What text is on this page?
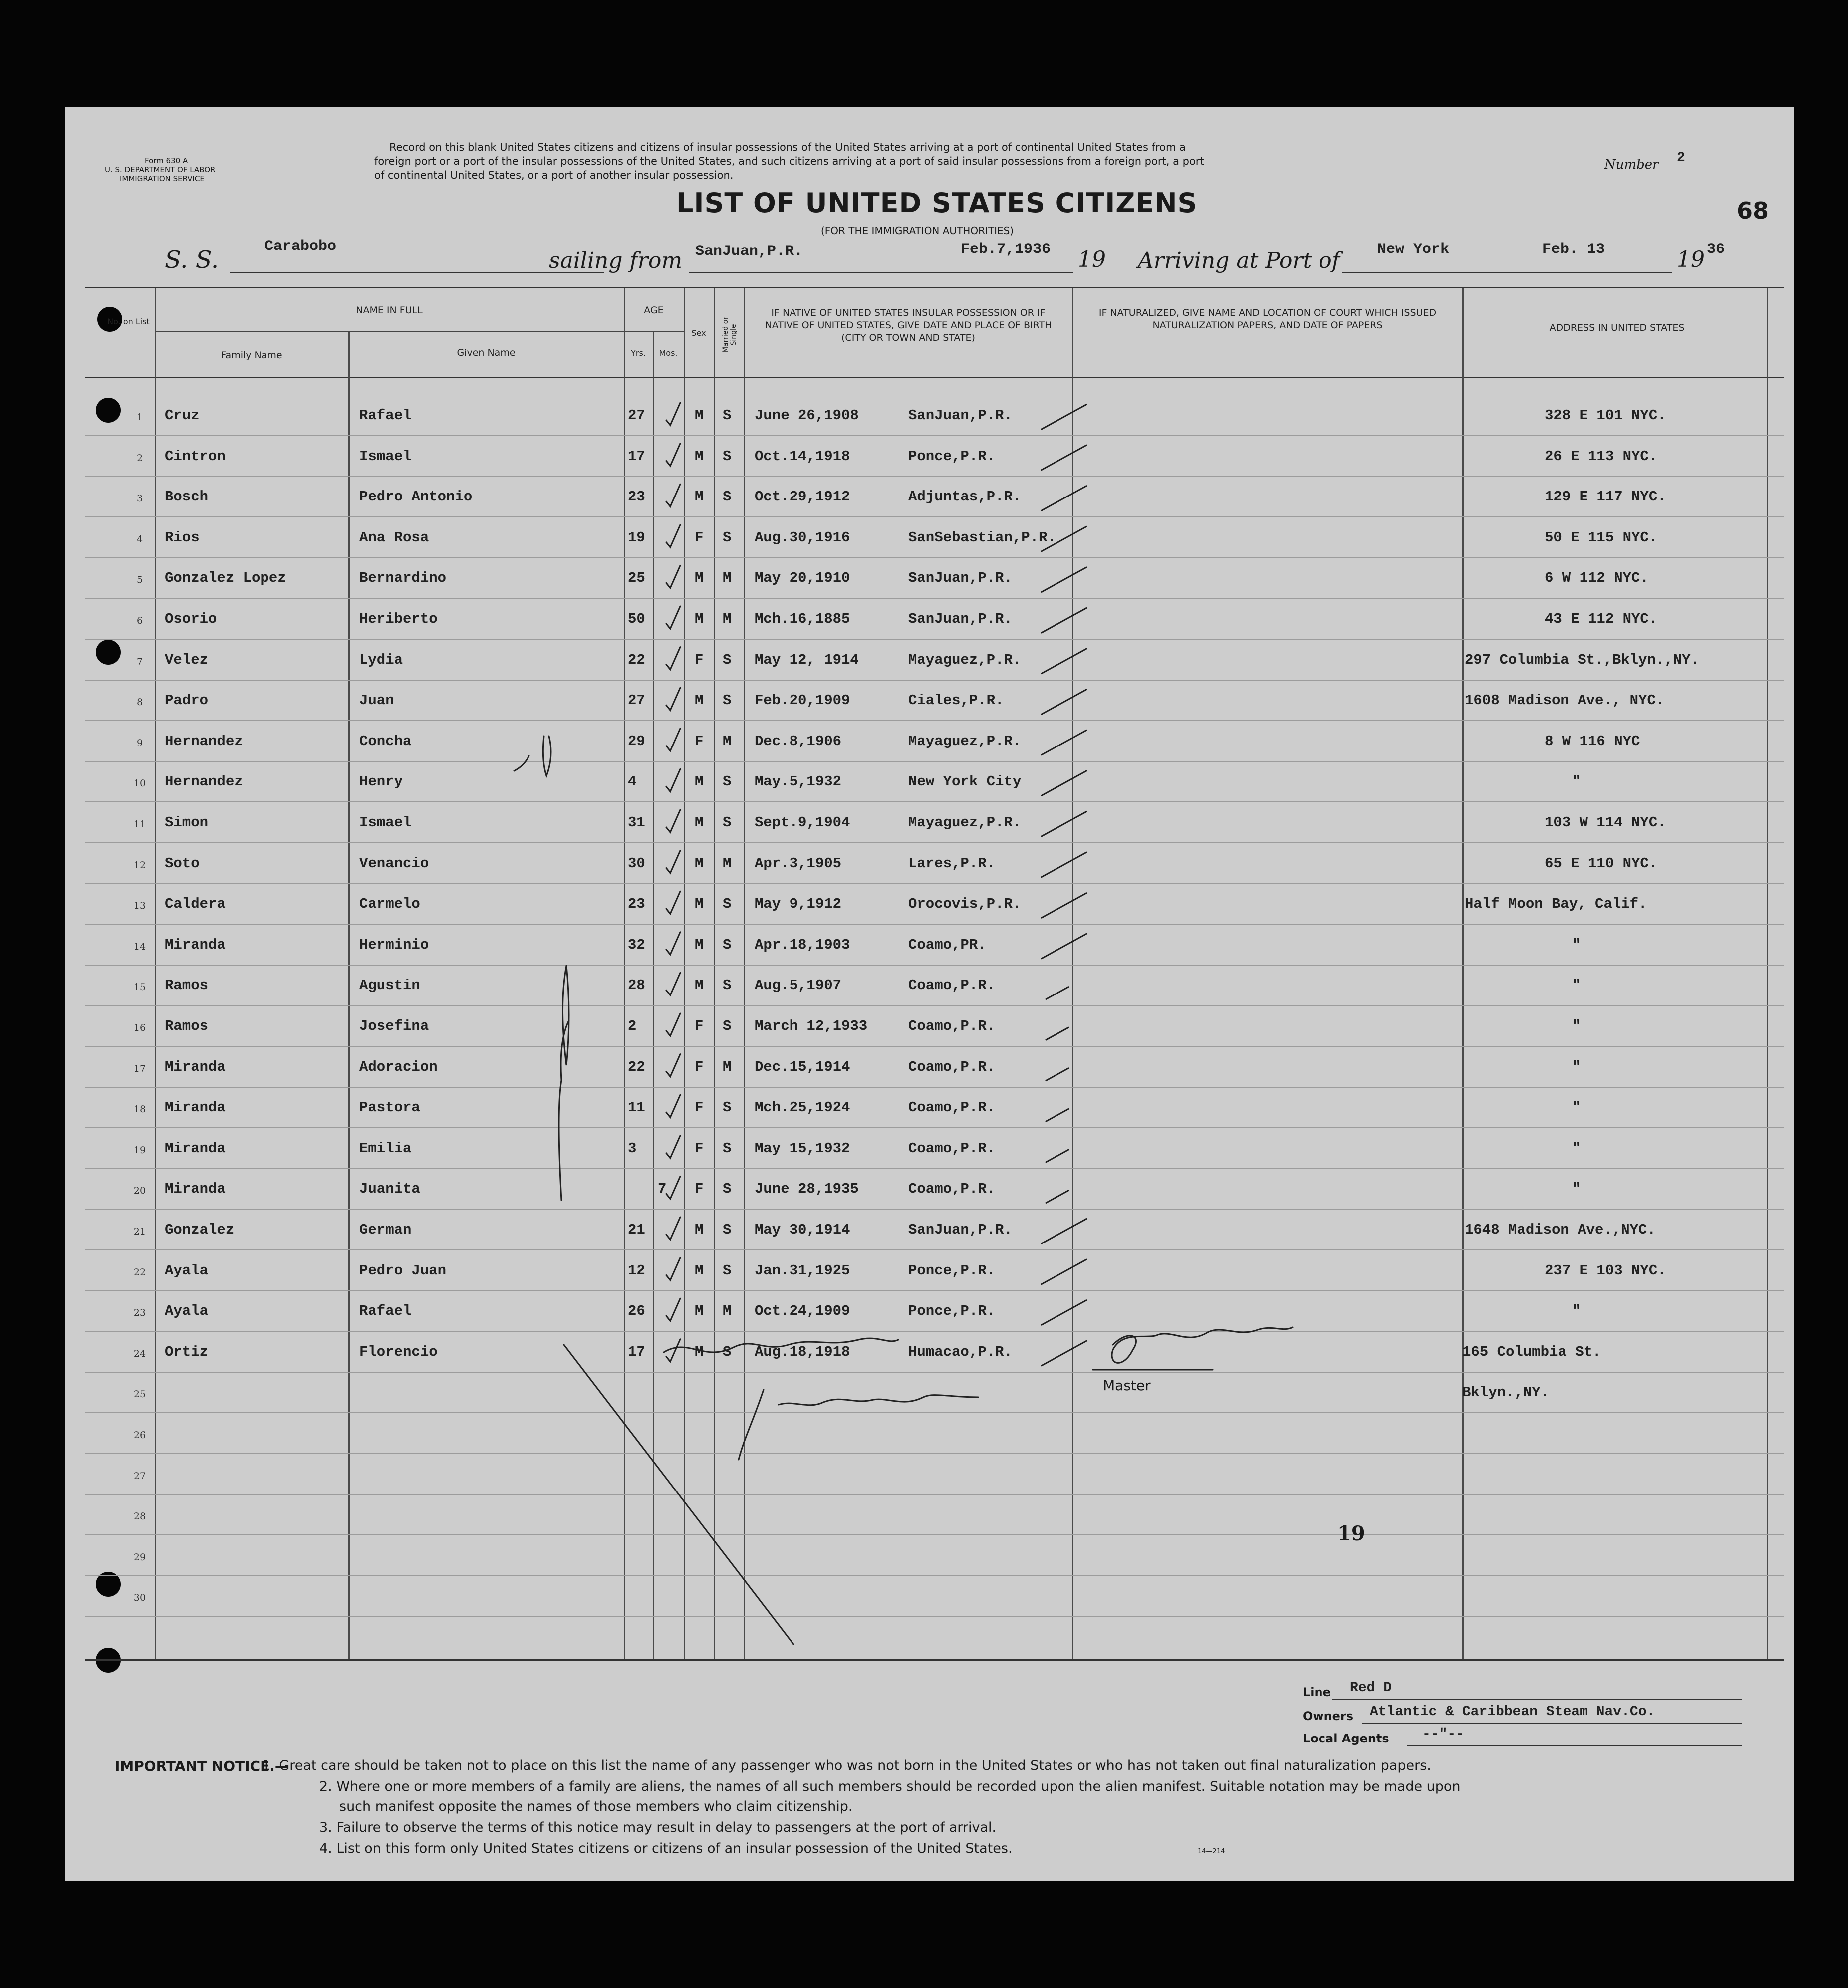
Form 630 A
U. S. DEPARTMENT OF LABOR
IMMIGRATION SERVICE
Record on this blank United States citizens and citizens of insular possessions of the United States arriving at a port of continental United States from a
foreign port or a port of the insular possessions of the United States, and such citizens arriving at a port of said insular possessions from a foreign port, a port
of continental United States, or a port of another insular possession.
Number 2
68
LIST OF UNITED STATES CITIZENS
(FOR THE IMMIGRATION AUTHORITIES)
S. S.	Carabobo
sailing from SanJuan,P.R.	Feb.7,1936 19 Arriving at Port of New York	Feb. 13	19 36
No. on List
NAME IN FULL
Family Name	Given Name
AGE
Yrs.	Mos.
Sex	Married or Single
IF NATIVE OF UNITED STATES INSULAR POSSESSION OR IF NATIVE OF UNITED STATES, GIVE DATE AND PLACE OF BIRTH (CITY OR TOWN AND STATE)
IF NATURALIZED, GIVE NAME AND LOCATION OF COURT WHICH ISSUED NATURALIZATION PAPERS, AND DATE OF PAPERS	ADDRESS IN UNITED STATES
1	Cruz	Rafael	27	M S June 26,1908	SanJuan,P.R.	328 E 101 NYC.
2	Cintron	Ismael	17	M S Oct.14,1918	Ponce,P.R.	26 E 113 NYC.
3	Bosch	Pedro Antonio	23	M S Oct.29,1912	Adjuntas,P.R.	129 E 117 NYC.
4	Rios	Ana Rosa	19	F S Aug.30,1916	SanSebastian,P.R.	50 E 115 NYC.
5	Gonzalez Lopez	Bernardino	25	M M May 20,1910	SanJuan,P.R.	6 W 112 NYC.
6	Osorio	Heriberto	50	M M Mch.16,1885	SanJuan,P.R.	43 E 112 NYC.
7	Velez	Lydia	22	F S May 12, 1914	Mayaguez,P.R.	297 Columbia St.,Bklyn.,NY.
8	Padro	Juan	27	M S Feb.20,1909	Ciales,P.R.	1608 Madison Ave., NYC.
9	Hernandez	Concha	29	F M Dec.8,1906	Mayaguez,P.R.	8 W 116 NYC
10	Hernandez	Henry	4	M S May.5,1932	New York City	"
11	Simon	Ismael	31	M S Sept.9,1904	Mayaguez,P.R.	103 W 114 NYC.
12	Soto	Venancio	30	M M Apr.3,1905	Lares,P.R.	65 E 110 NYC.
13	Caldera	Carmelo	23	M S May 9,1912	Orocovis,P.R.	Half Moon Bay, Calif.
14	Miranda	Herminio	32	M S Apr.18,1903	Coamo,PR.	"
15	Ramos	Agustin	28	M S Aug.5,1907	Coamo,P.R.	"
16	Ramos	Josefina	2	F S March 12,1933	Coamo,P.R.	"
17	Miranda	Adoracion	22	F M Dec.15,1914	Coamo,P.R.	"
18	Miranda	Pastora	11	F S Mch.25,1924	Coamo,P.R.	"
19	Miranda	Emilia	3	F S May 15,1932	Coamo,P.R.	"
20	Miranda	Juanita	7 F S June 28,1935	Coamo,P.R.	"
21	Gonzalez	German	21	M S May 30,1914	SanJuan,P.R.	1648 Madison Ave.,NYC.
22	Ayala	Pedro Juan	12	M S Jan.31,1925	Ponce,P.R.	237 E 103 NYC.
23	Ayala	Rafael	26	M M Oct.24,1909	Ponce,P.R.	"
24	Ortiz	Florencio	17	M S Aug.18,1918	Humacao,P.R.	165 Columbia St.
25	Bklyn.,NY.
26
27
28
29
30
Master
19
Line Red D
Owners Atlantic & Caribbean Steam Nav.Co.
Local Agents --"--
IMPORTANT NOTICE.—
1. Great care should be taken not to place on this list the name of any passenger who was not born in the United States or who has not taken out final naturalization papers.
2. Where one or more members of a family are aliens, the names of all such members should be recorded upon the alien manifest. Suitable notation may be made upon
such manifest opposite the names of those members who claim citizenship.
3. Failure to observe the terms of this notice may result in delay to passengers at the port of arrival.
4. List on this form only United States citizens or citizens of an insular possession of the United States.	14—214
